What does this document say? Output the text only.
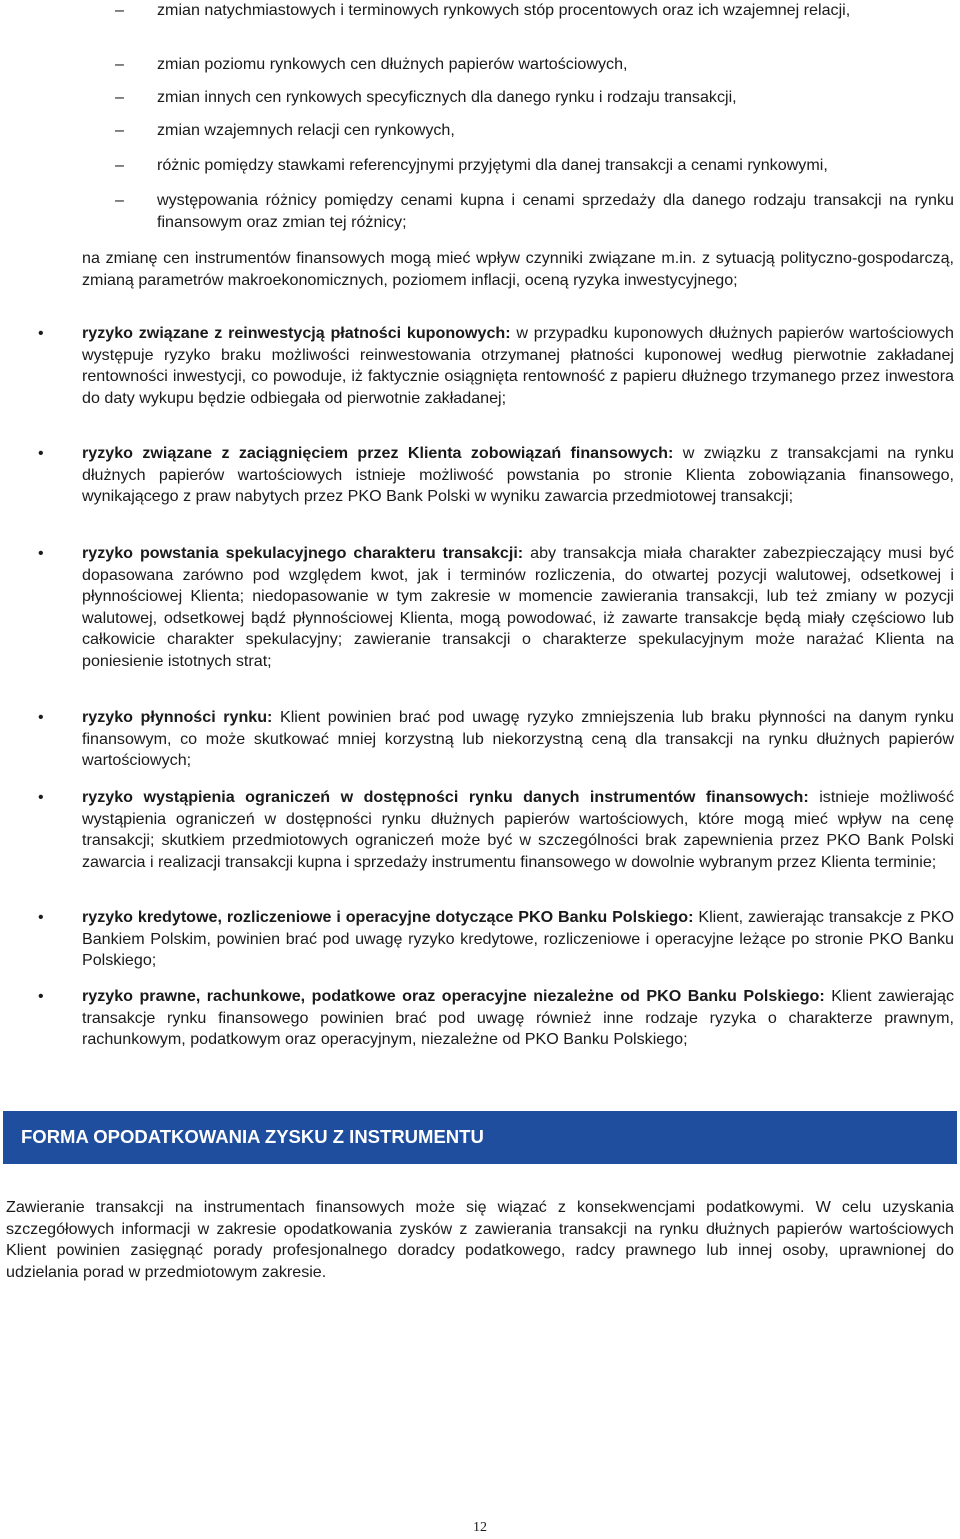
–	zmian natychmiastowych i terminowych rynkowych stóp procentowych oraz ich wzajemnej relacji,
–	zmian poziomu rynkowych cen dłużnych papierów wartościowych,
–	zmian innych cen rynkowych specyficznych dla danego rynku i rodzaju transakcji,
–	zmian wzajemnych relacji cen rynkowych,
–	różnic pomiędzy stawkami referencyjnymi przyjętymi dla danej transakcji a cenami rynkowymi,
–	występowania różnicy pomiędzy cenami kupna i cenami sprzedaży dla danego rodzaju transakcji na rynku finansowym oraz zmian tej różnicy;

na zmianę cen instrumentów finansowych mogą mieć wpływ czynniki związane m.in. z sytuacją polityczno-gospodarczą, zmianą parametrów makroekonomicznych, poziomem inflacji, oceną ryzyka inwestycyjnego;

•	ryzyko związane z reinwestycją płatności kuponowych: w przypadku kuponowych dłużnych papierów wartościowych występuje ryzyko braku możliwości reinwestowania otrzymanej płatności kuponowej według pierwotnie zakładanej rentowności inwestycji, co powoduje, iż faktycznie osiągnięta rentowność z papieru dłużnego trzymanego przez inwestora do daty wykupu będzie odbiegała od pierwotnie zakładanej;
•	ryzyko związane z zaciągnięciem przez Klienta zobowiązań finansowych: w związku z transakcjami na rynku dłużnych papierów wartościowych istnieje możliwość powstania po stronie Klienta zobowiązania finansowego, wynikającego z praw nabytych przez PKO Bank Polski w wyniku zawarcia przedmiotowej transakcji;
•	ryzyko powstania spekulacyjnego charakteru transakcji: aby transakcja miała charakter zabezpieczający musi być dopasowana zarówno pod względem kwot, jak i terminów rozliczenia, do otwartej pozycji walutowej, odsetkowej i płynnościowej Klienta; niedopasowanie w tym zakresie w momencie zawierania transakcji, lub też zmiany w pozycji walutowej, odsetkowej bądź płynnościowej Klienta, mogą powodować, iż zawarte transakcje będą miały częściowo lub całkowicie charakter spekulacyjny; zawieranie transakcji o charakterze spekulacyjnym może narażać Klienta na poniesienie istotnych strat;
•	ryzyko płynności rynku: Klient powinien brać pod uwagę ryzyko zmniejszenia lub braku płynności na danym rynku finansowym, co może skutkować mniej korzystną lub niekorzystną ceną dla transakcji na rynku dłużnych papierów wartościowych;
•	ryzyko wystąpienia ograniczeń w dostępności rynku danych instrumentów finansowych: istnieje możliwość wystąpienia ograniczeń w dostępności rynku dłużnych papierów wartościowych, które mogą mieć wpływ na cenę transakcji; skutkiem przedmiotowych ograniczeń może być w szczególności brak zapewnienia przez PKO Bank Polski zawarcia i realizacji transakcji kupna i sprzedaży instrumentu finansowego w dowolnie wybranym przez Klienta terminie;
•	ryzyko kredytowe, rozliczeniowe i operacyjne dotyczące PKO Banku Polskiego: Klient, zawierając transakcje z PKO Bankiem Polskim, powinien brać pod uwagę ryzyko kredytowe, rozliczeniowe i operacyjne leżące po stronie PKO Banku Polskiego;
•	ryzyko prawne, rachunkowe, podatkowe oraz operacyjne niezależne od PKO Banku Polskiego: Klient zawierając transakcje rynku finansowego powinien brać pod uwagę również inne rodzaje ryzyka o charakterze prawnym, rachunkowym, podatkowym oraz operacyjnym, niezależne od PKO Banku Polskiego;
FORMA OPODATKOWANIA ZYSKU Z INSTRUMENTU

Zawieranie transakcji na instrumentach finansowych może się wiązać z konsekwencjami podatkowymi. W celu uzyskania szczegółowych informacji w zakresie opodatkowania zysków z zawierania transakcji na rynku dłużnych papierów wartościowych Klient powinien zasięgnąć porady profesjonalnego doradcy podatkowego, radcy prawnego lub innej osoby, uprawnionej do udzielania porad w przedmiotowym zakresie.

12
